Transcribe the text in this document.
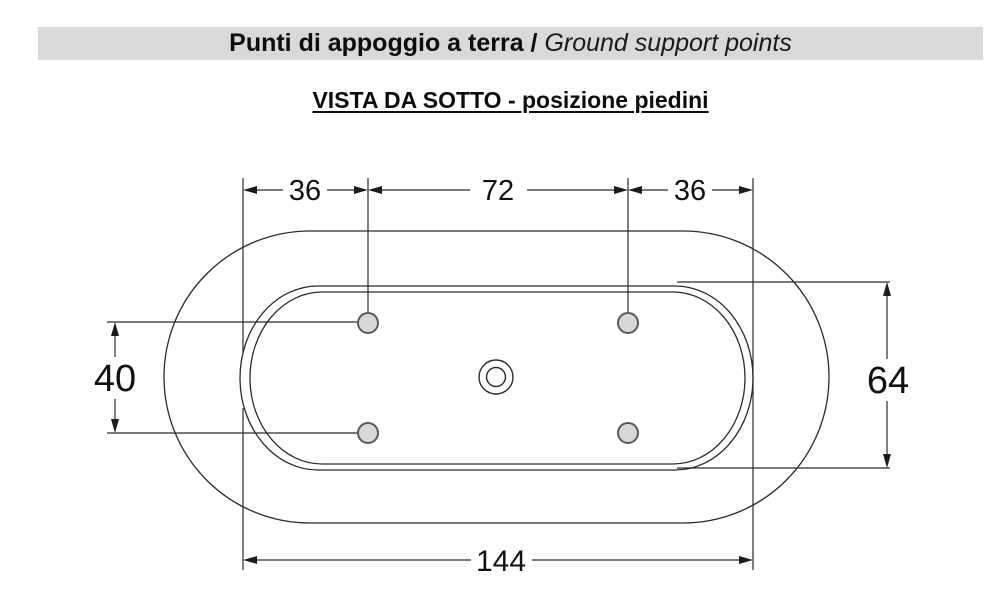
Punti di appoggio a terra / Ground support points
VISTA DA SOTTO - posizione piedini
36	72	36
40	64
144
